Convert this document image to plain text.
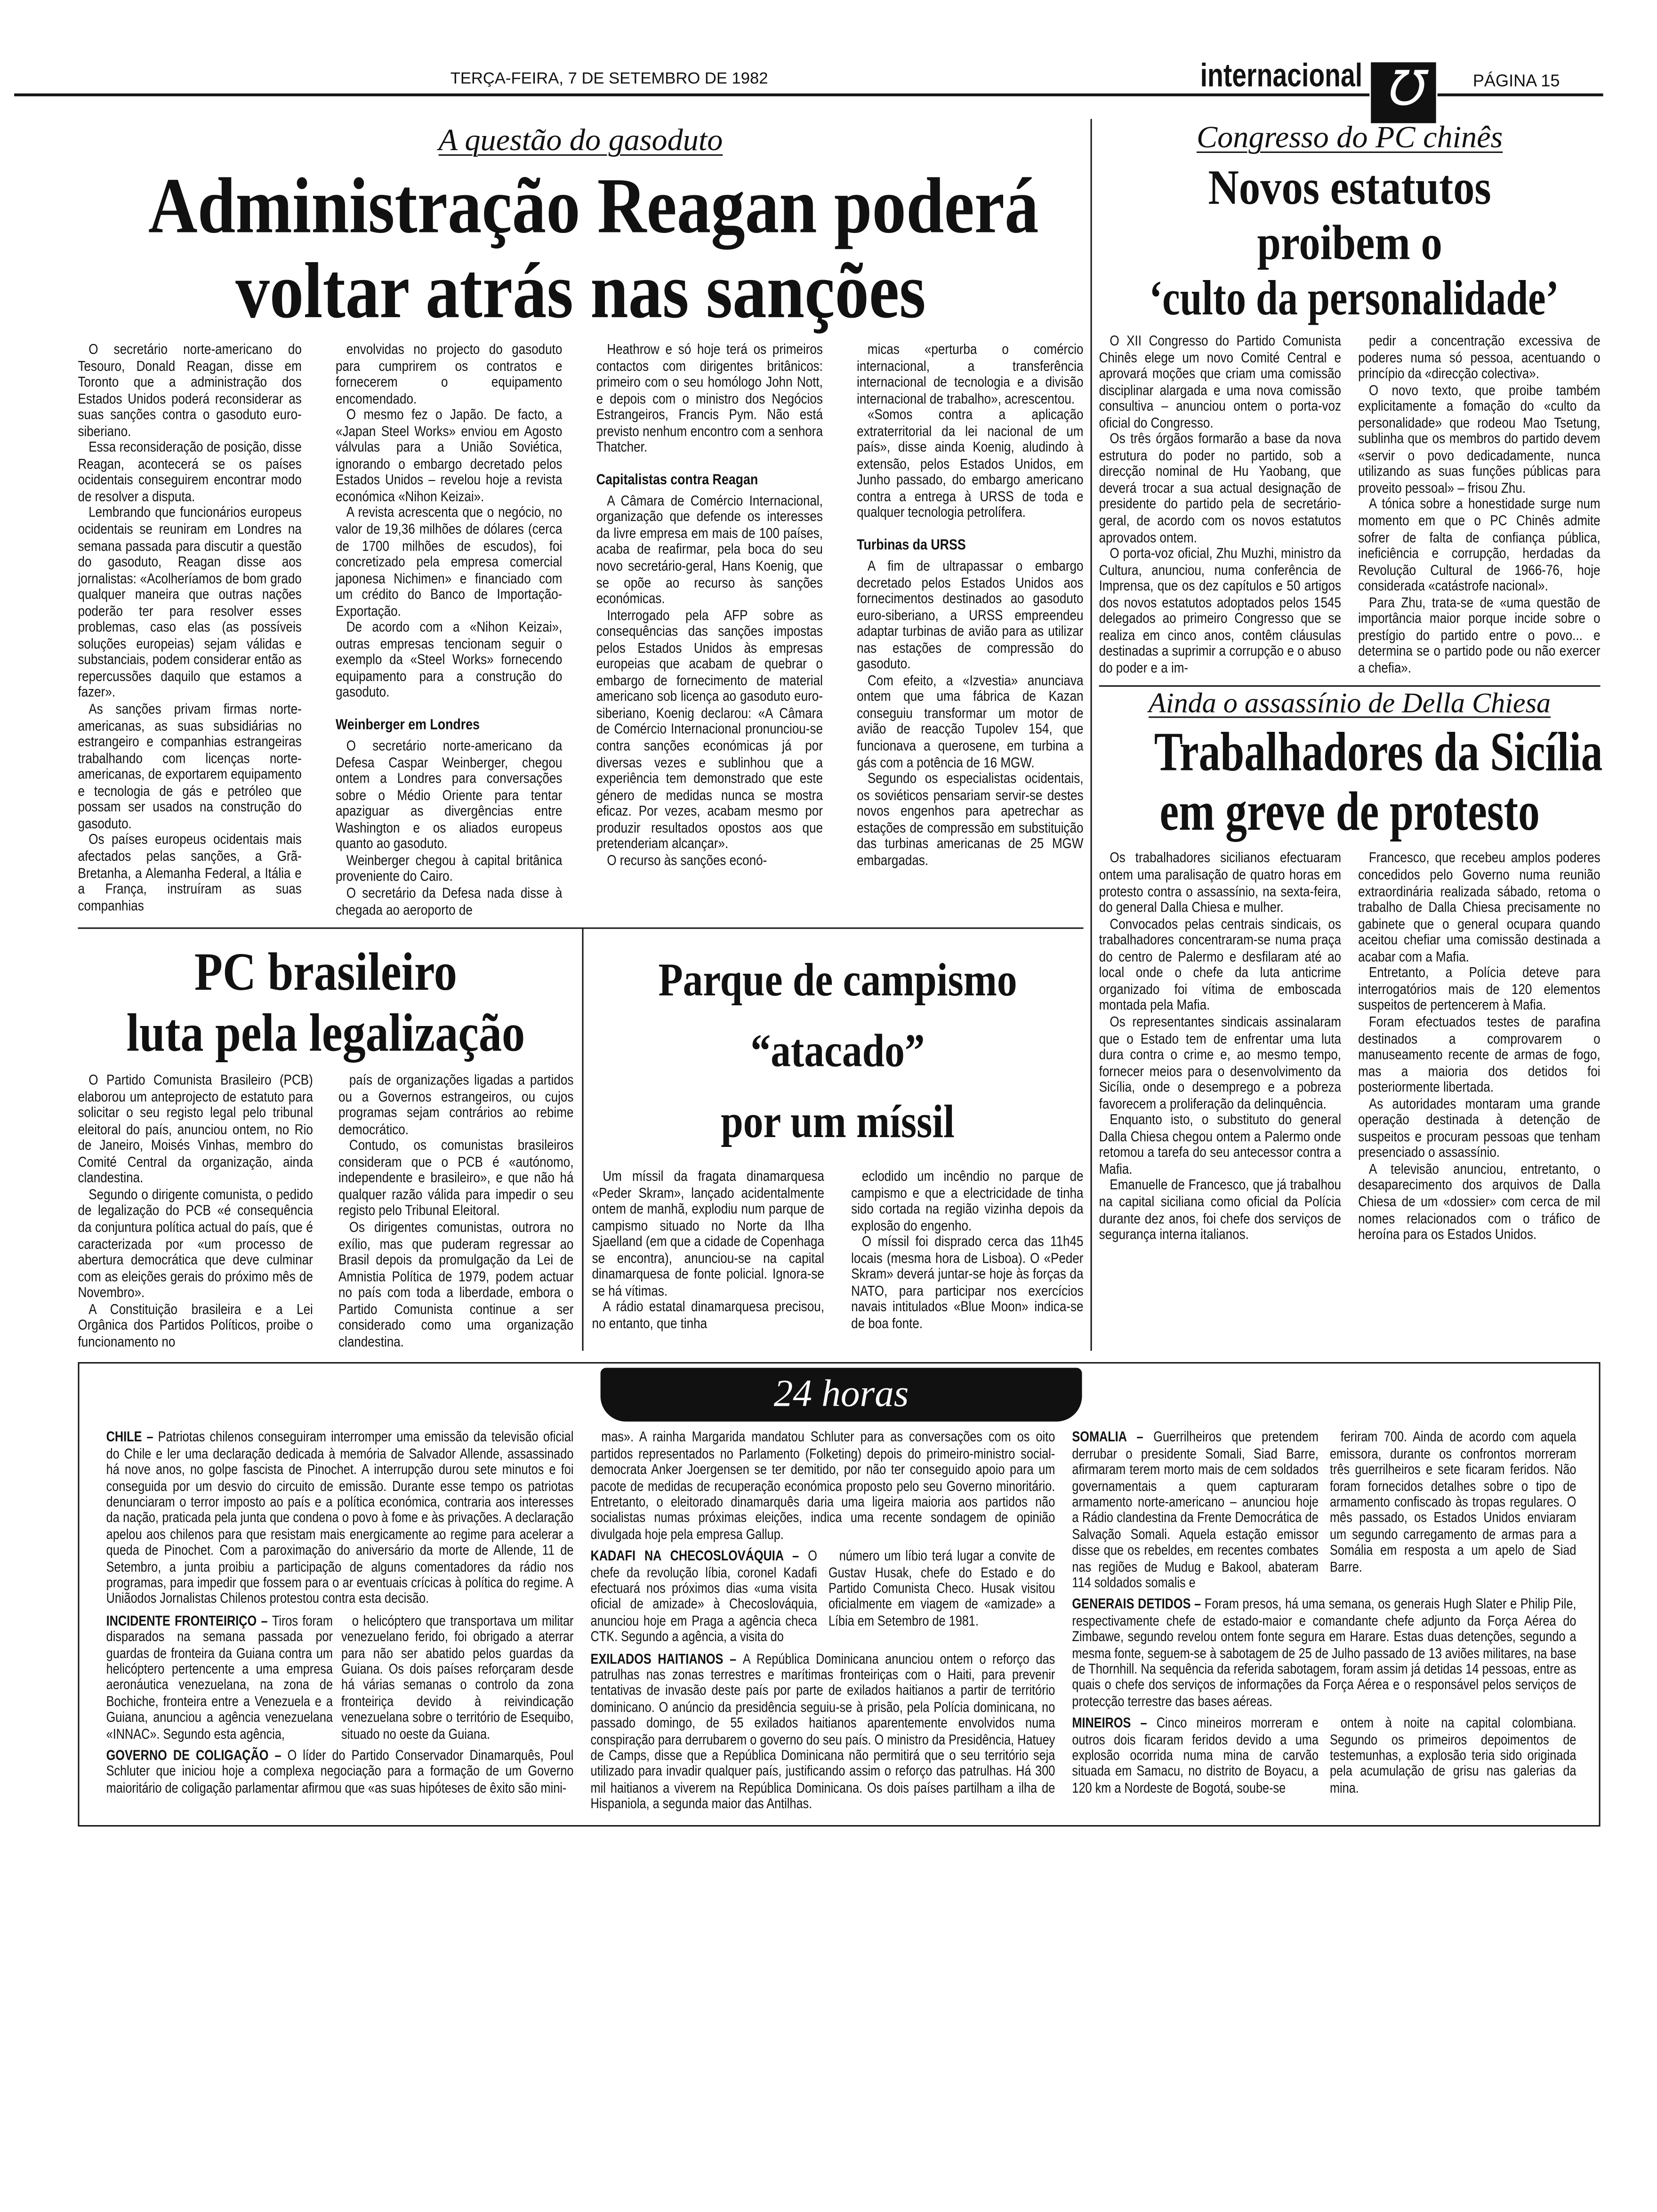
TERÇA-FEIRA, 7 DE SETEMBRO DE 1982	internacional	℧	PÁGINA 15
A questão do gasoduto
Administração Reagan poderá
voltar atrás nas sanções

O secretário norte-americano do Tesouro, Donald Reagan, disse em Toronto que a administração dos Estados Unidos poderá reconsiderar as suas sanções contra o gasoduto euro-siberiano.

Essa reconsideração de posição, disse Reagan, acontecerá se os países ocidentais conseguirem encontrar modo de resolver a disputa.

Lembrando que funcionários europeus ocidentais se reuniram em Londres na semana passada para discutir a questão do gasoduto, Reagan disse aos jornalistas: «Acolheríamos de bom grado qualquer maneira que outras nações poderão ter para resolver esses problemas, caso elas (as possíveis soluções europeias) sejam válidas e substanciais, podem considerar então as repercussões daquilo que estamos a fazer».

As sanções privam firmas norte-americanas, as suas subsidiárias no estrangeiro e companhias estrangeiras trabalhando com licenças norte-americanas, de exportarem equipamento e tecnologia de gás e petróleo que possam ser usados na construção do gasoduto.

Os países europeus ocidentais mais afectados pelas sanções, a Grã-Bretanha, a Alemanha Federal, a Itália e a França, instruíram as suas companhias

envolvidas no projecto do gasoduto para cumprirem os contratos e fornecerem o equipamento encomendado.

O mesmo fez o Japão. De facto, a «Japan Steel Works» enviou em Agosto válvulas para a União Soviética, ignorando o embargo decretado pelos Estados Unidos – revelou hoje a revista económica «Nihon Keizai».

A revista acrescenta que o negócio, no valor de 19,36 milhões de dólares (cerca de 1700 milhões de escudos), foi concretizado pela empresa comercial japonesa Nichimen» e financiado com um crédito do Banco de Importação-Exportação.

De acordo com a «Nihon Keizai», outras empresas tencionam seguir o exemplo da «Steel Works» fornecendo equipamento para a construção do gasoduto.

Weinberger em Londres

O secretário norte-americano da Defesa Caspar Weinberger, chegou ontem a Londres para conversações sobre o Médio Oriente para tentar apaziguar as divergências entre Washington e os aliados europeus quanto ao gasoduto.

Weinberger chegou à capital britânica proveniente do Cairo.

O secretário da Defesa nada disse à chegada ao aeroporto de

Heathrow e só hoje terá os primeiros contactos com dirigentes britânicos: primeiro com o seu homólogo John Nott, e depois com o ministro dos Negócios Estrangeiros, Francis Pym. Não está previsto nenhum encontro com a senhora Thatcher.

Capitalistas contra Reagan

A Câmara de Comércio Internacional, organização que defende os interesses da livre empresa em mais de 100 países, acaba de reafirmar, pela boca do seu novo secretário-geral, Hans Koenig, que se opõe ao recurso às sanções económicas.

Interrogado pela AFP sobre as consequências das sanções impostas pelos Estados Unidos às empresas europeias que acabam de quebrar o embargo de fornecimento de material americano sob licença ao gasoduto euro-siberiano, Koenig declarou: «A Câmara de Comércio Internacional pronunciou-se contra sanções económicas já por diversas vezes e sublinhou que a experiência tem demonstrado que este género de medidas nunca se mostra eficaz. Por vezes, acabam mesmo por produzir resultados opostos aos que pretenderiam alcançar».

O recurso às sanções econó-

micas «perturba o comércio internacional, a transferência internacional de tecnologia e a divisão internacional de trabalho», acrescentou.

«Somos contra a aplicação extraterritorial da lei nacional de um país», disse ainda Koenig, aludindo à extensão, pelos Estados Unidos, em Junho passado, do embargo americano contra a entrega à URSS de toda e qualquer tecnologia petrolífera.

Turbinas da URSS

A fim de ultrapassar o embargo decretado pelos Estados Unidos aos fornecimentos destinados ao gasoduto euro-siberiano, a URSS empreendeu adaptar turbinas de avião para as utilizar nas estações de compressão do gasoduto.

Com efeito, a «Izvestia» anunciava ontem que uma fábrica de Kazan conseguiu transformar um motor de avião de reacção Tupolev 154, que funcionava a querosene, em turbina a gás com a potência de 16 MGW.

Segundo os especialistas ocidentais, os soviéticos pensariam servir-se destes novos engenhos para apetrechar as estações de compressão em substituição das turbinas americanas de 25 MGW embargadas.

PC brasileiro
luta pela legalização

O Partido Comunista Brasileiro (PCB) elaborou um anteprojecto de estatuto para solicitar o seu registo legal pelo tribunal eleitoral do país, anunciou ontem, no Rio de Janeiro, Moisés Vinhas, membro do Comité Central da organização, ainda clandestina.

Segundo o dirigente comunista, o pedido de legalização do PCB «é consequência da conjuntura política actual do país, que é caracterizada por «um processo de abertura democrática que deve culminar com as eleições gerais do próximo mês de Novembro».

A Constituição brasileira e a Lei Orgânica dos Partidos Políticos, proibe o funcionamento no

país de organizações ligadas a partidos ou a Governos estrangeiros, ou cujos programas sejam contrários ao rebime democrático.

Contudo, os comunistas brasileiros consideram que o PCB é «autónomo, independente e brasileiro», e que não há qualquer razão válida para impedir o seu registo pelo Tribunal Eleitoral.

Os dirigentes comunistas, outrora no exílio, mas que puderam regressar ao Brasil depois da promulgação da Lei de Amnistia Política de 1979, podem actuar no país com toda a liberdade, embora o Partido Comunista continue a ser considerado como uma organização clandestina.

Parque de campismo
“atacado”
por um míssil

Um míssil da fragata dinamarquesa «Peder Skram», lançado acidentalmente ontem de manhã, explodiu num parque de campismo situado no Norte da Ilha Sjaelland (em que a cidade de Copenhaga se encontra), anunciou-se na capital dinamarquesa de fonte policial. Ignora-se se há vítimas.

A rádio estatal dinamarquesa precisou, no entanto, que tinha

eclodido um incêndio no parque de campismo e que a electricidade de tinha sido cortada na região vizinha depois da explosão do engenho.

O míssil foi disprado cerca das 11h45 locais (mesma hora de Lisboa). O «Peder Skram» deverá juntar-se hoje às forças da NATO, para participar nos exercícios navais intitulados «Blue Moon» indica-se de boa fonte.

Congresso do PC chinês
Novos estatutos
proibem o
‘culto da personalidade’

O XII Congresso do Partido Comunista Chinês elege um novo Comité Central e aprovará moções que criam uma comissão disciplinar alargada e uma nova comissão consultiva – anunciou ontem o porta-voz oficial do Congresso.

Os três órgãos formarão a base da nova estrutura do poder no partido, sob a direcção nominal de Hu Yaobang, que deverá trocar a sua actual designação de presidente do partido pela de secretário-geral, de acordo com os novos estatutos aprovados ontem.

O porta-voz oficial, Zhu Muzhi, ministro da Cultura, anunciou, numa conferência de Imprensa, que os dez capítulos e 50 artigos dos novos estatutos adoptados pelos 1545 delegados ao primeiro Congresso que se realiza em cinco anos, contêm cláusulas destinadas a suprimir a corrupção e o abuso do poder e a im-

pedir a concentração excessiva de poderes numa só pessoa, acentuando o princípio da «direcção colectiva».

O novo texto, que proibe também explicitamente a fomação do «culto da personalidade» que rodeou Mao Tsetung, sublinha que os membros do partido devem «servir o povo dedicadamente, nunca utilizando as suas funções públicas para proveito pessoal» – frisou Zhu.

A tónica sobre a honestidade surge num momento em que o PC Chinês admite sofrer de falta de confiança pública, ineficiência e corrupção, herdadas da Revolução Cultural de 1966-76, hoje considerada «catástrofe nacional».

Para Zhu, trata-se de «uma questão de importância maior porque incide sobre o prestígio do partido entre o povo... e determina se o partido pode ou não exercer a chefia».

Ainda o assassínio de Della Chiesa
Trabalhadores da Sicília
em greve de protesto

Os trabalhadores sicilianos efectuaram ontem uma paralisação de quatro horas em protesto contra o assassínio, na sexta-feira, do general Dalla Chiesa e mulher.

Convocados pelas centrais sindicais, os trabalhadores concentraram-se numa praça do centro de Palermo e desfilaram até ao local onde o chefe da luta anticrime organizado foi vítima de emboscada montada pela Mafia.

Os representantes sindicais assinalaram que o Estado tem de enfrentar uma luta dura contra o crime e, ao mesmo tempo, fornecer meios para o desenvolvimento da Sicília, onde o desemprego e a pobreza favorecem a proliferação da delinquência.

Enquanto isto, o substituto do general Dalla Chiesa chegou ontem a Palermo onde retomou a tarefa do seu antecessor contra a Mafia.

Emanuelle de Francesco, que já trabalhou na capital siciliana como oficial da Polícia durante dez anos, foi chefe dos serviços de segurança interna italianos.

Francesco, que recebeu amplos poderes concedidos pelo Governo numa reunião extraordinária realizada sábado, retoma o trabalho de Dalla Chiesa precisamente no gabinete que o general ocupara quando aceitou chefiar uma comissão destinada a acabar com a Mafia.

Entretanto, a Polícia deteve para interrogatórios mais de 120 elementos suspeitos de pertencerem à Mafia.

Foram efectuados testes de parafina destinados a comprovarem o manuseamento recente de armas de fogo, mas a maioria dos detidos foi posteriormente libertada.

As autoridades montaram uma grande operação destinada à detenção de suspeitos e procuram pessoas que tenham presenciado o assassínio.

A televisão anunciou, entretanto, o desaparecimento dos arquivos de Dalla Chiesa de um «dossier» com cerca de mil nomes relacionados com o tráfico de heroína para os Estados Unidos.

24 horas

CHILE – Patriotas chilenos conseguiram interromper uma emissão da televisão oficial do Chile e ler uma declaração dedicada à memória de Salvador Allende, assassinado há nove anos, no golpe fascista de Pinochet. A interrupção durou sete minutos e foi conseguida por um desvio do circuito de emissão. Durante esse tempo os patriotas denunciaram o terror imposto ao país e a política económica, contraria aos interesses da nação, praticada pela junta que condena o povo à fome e às privações. A declaração apelou aos chilenos para que resistam mais energicamente ao regime para acelerar a queda de Pinochet. Com a paroximação do aniversário da morte de Allende, 11 de Setembro, a junta proibiu a participação de alguns comentadores da rádio nos programas, para impedir que fossem para o ar eventuais crícicas à política do regime. A Uniãodos Jornalistas Chilenos protestou contra esta decisão.

INCIDENTE FRONTEIRIÇO – Tiros foram disparados na semana passada por guardas de fronteira da Guiana contra um helicóptero pertencente a uma empresa aeronáutica venezuelana, na zona de Bochiche, fronteira entre a Venezuela e a Guiana, anunciou a agência venezuelana «INNAC». Segundo esta agência,

o helicóptero que transportava um militar venezuelano ferido, foi obrigado a aterrar para não ser abatido pelos guardas da Guiana. Os dois países reforçaram desde há várias semanas o controlo da zona fronteiriça devido à reivindicação venezuelana sobre o território de Esequibo, situado no oeste da Guiana.

GOVERNO DE COLIGAÇÃO – O líder do Partido Conservador Dinamarquês, Poul Schluter que iniciou hoje a complexa negociação para a formação de um Governo maioritário de coligação parlamentar afirmou que «as suas hipóteses de êxito são mini-

mas». A rainha Margarida mandatou Schluter para as conversações com os oito partidos representados no Parlamento (Folketing) depois do primeiro-ministro social-democrata Anker Joergensen se ter demitido, por não ter conseguido apoio para um pacote de medidas de recuperação económica proposto pelo seu Governo minoritário. Entretanto, o eleitorado dinamarquês daria uma ligeira maioria aos partidos não socialistas numas próximas eleições, indica uma recente sondagem de opinião divulgada hoje pela empresa Gallup.

KADAFI NA CHECOSLOVÁQUIA – O chefe da revolução líbia, coronel Kadafi efectuará nos próximos dias «uma visita oficial de amizade» à Checoslováquia, anunciou hoje em Praga a agência checa CTK. Segundo a agência, a visita do

número um líbio terá lugar a convite de Gustav Husak, chefe do Estado e do Partido Comunista Checo. Husak visitou oficialmente em viagem de «amizade» a Líbia em Setembro de 1981.

EXILADOS HAITIANOS – A República Dominicana anunciou ontem o reforço das patrulhas nas zonas terrestres e marítimas fronteiriças com o Haiti, para prevenir tentativas de invasão deste país por parte de exilados haitianos a partir de território dominicano. O anúncio da presidência seguiu-se à prisão, pela Polícia dominicana, no passado domingo, de 55 exilados haitianos aparentemente envolvidos numa conspiração para derrubarem o governo do seu país. O ministro da Presidência, Hatuey de Camps, disse que a República Dominicana não permitirá que o seu território seja utilizado para invadir qualquer país, justificando assim o reforço das patrulhas. Há 300 mil haitianos a viverem na República Dominicana. Os dois países partilham a ilha de Hispaniola, a segunda maior das Antilhas.

SOMALIA – Guerrilheiros que pretendem derrubar o presidente Somali, Siad Barre, afirmaram terem morto mais de cem soldados governamentais a quem capturaram armamento norte-americano – anunciou hoje a Rádio clandestina da Frente Democrática de Salvação Somali. Aquela estação emissor disse que os rebeldes, em recentes combates nas regiões de Mudug e Bakool, abateram 114 soldados somalis e

feriram 700. Ainda de acordo com aquela emissora, durante os confrontos morreram três guerrilheiros e sete ficaram feridos. Não foram fornecidos detalhes sobre o tipo de armamento confiscado às tropas regulares. O mês passado, os Estados Unidos enviaram um segundo carregamento de armas para a Somália em resposta a um apelo de Siad Barre.

GENERAIS DETIDOS – Foram presos, há uma semana, os generais Hugh Slater e Philip Pile, respectivamente chefe de estado-maior e comandante chefe adjunto da Força Aérea do Zimbawe, segundo revelou ontem fonte segura em Harare. Estas duas detenções, segundo a mesma fonte, seguem-se à sabotagem de 25 de Julho passado de 13 aviões militares, na base de Thornhill. Na sequência da referida sabotagem, foram assim já detidas 14 pessoas, entre as quais o chefe dos serviços de informações da Força Aérea e o responsável pelos serviços de protecção terrestre das bases aéreas.

MINEIROS – Cinco mineiros morreram e outros dois ficaram feridos devido a uma explosão ocorrida numa mina de carvão situada em Samacu, no distrito de Boyacu, a 120 km a Nordeste de Bogotá, soube-se

ontem à noite na capital colombiana. Segundo os primeiros depoimentos de testemunhas, a explosão teria sido originada pela acumulação de grisu nas galerias da mina.
